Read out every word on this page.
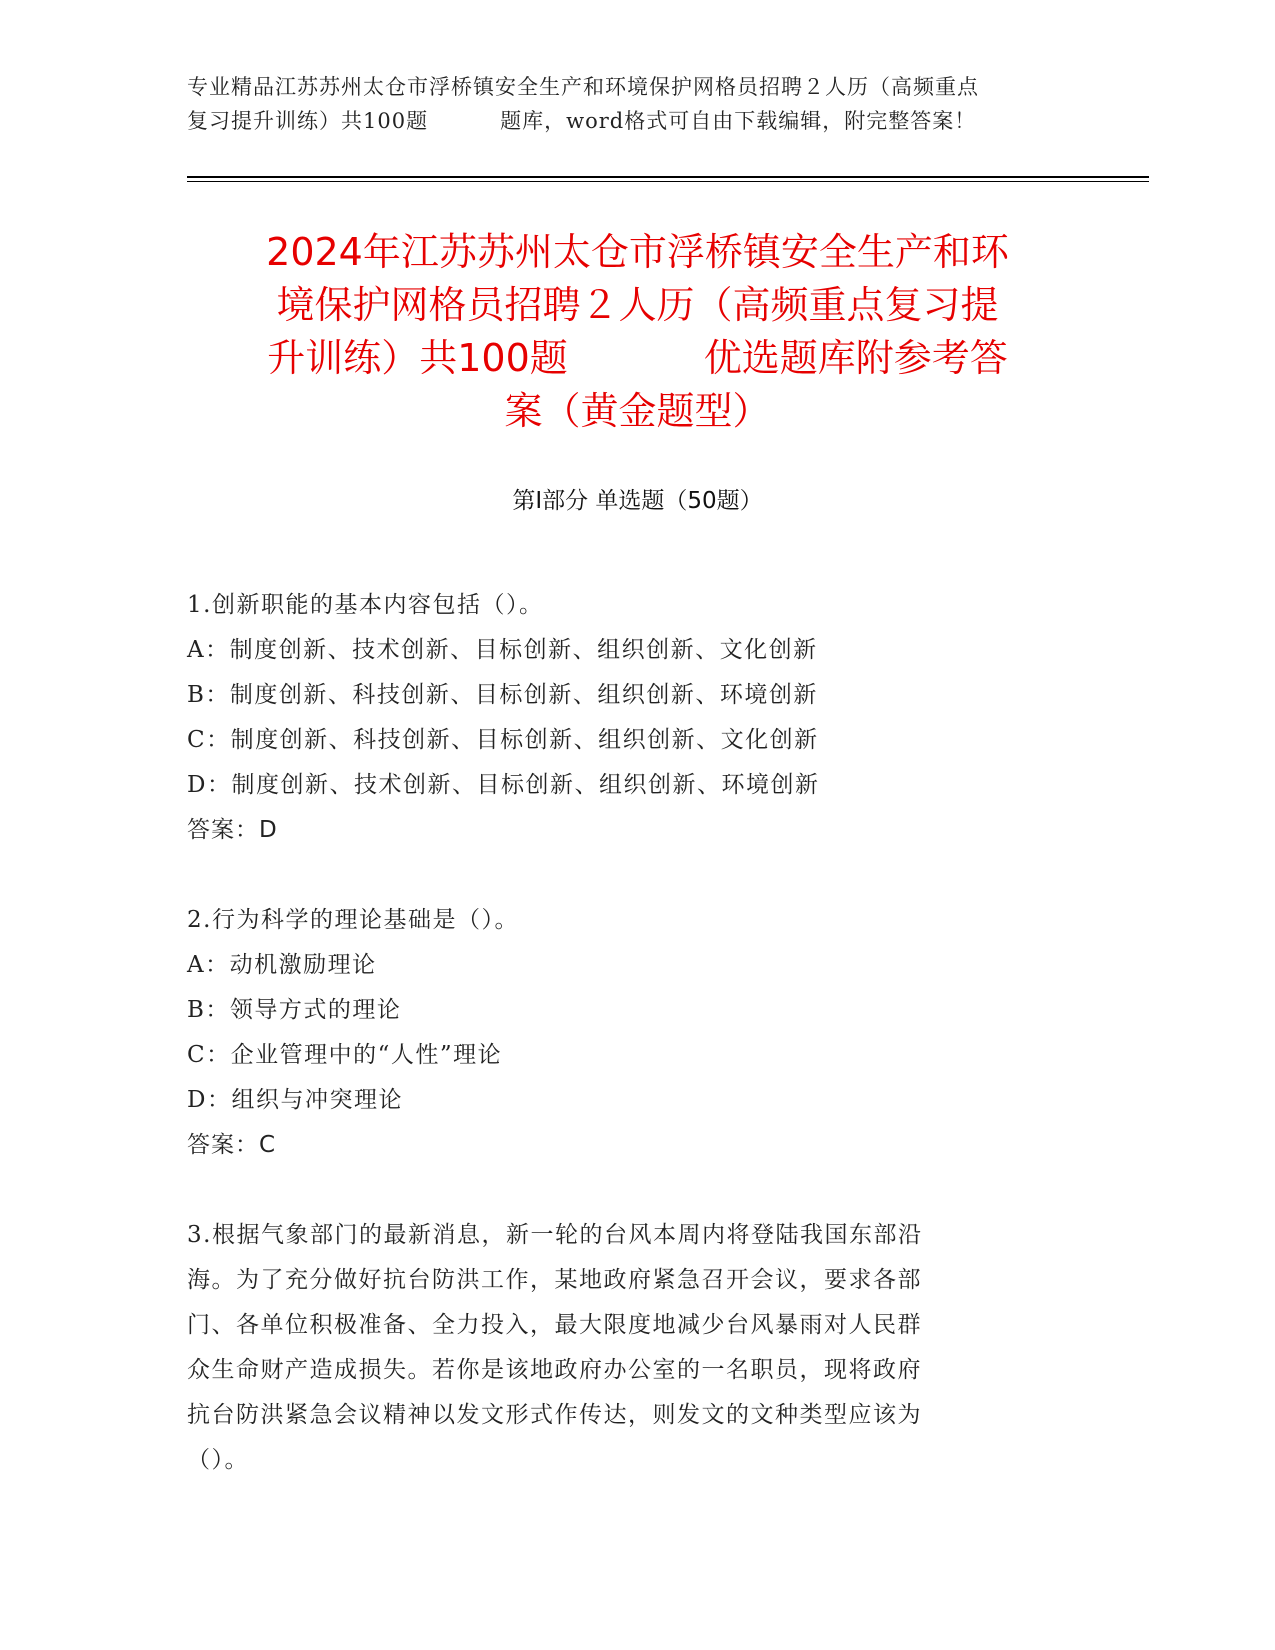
专业精品江苏苏州太仓市浮桥镇安全生产和环境保护网格员招聘２人历（高频重点
复习提升训练）共100题	题库，word格式可自由下载编辑，附完整答案！
2024年江苏苏州太仓市浮桥镇安全生产和环
境保护网格员招聘２人历（高频重点复习提
升训练）共100题	优选题库附参考答
案（黄金题型）
第Ⅰ部分 单选题（50题）
1.创新职能的基本内容包括（）。
A：制度创新、技术创新、目标创新、组织创新、文化创新
B：制度创新、科技创新、目标创新、组织创新、环境创新
C：制度创新、科技创新、目标创新、组织创新、文化创新
D：制度创新、技术创新、目标创新、组织创新、环境创新
答案：D
2.行为科学的理论基础是（）。
A：动机激励理论
B：领导方式的理论
C：企业管理中的“人性”理论
D：组织与冲突理论
答案：C
3.根据气象部门的最新消息，新一轮的台风本周内将登陆我国东部沿
海。为了充分做好抗台防洪工作，某地政府紧急召开会议，要求各部
门、各单位积极准备、全力投入，最大限度地减少台风暴雨对人民群
众生命财产造成损失。若你是该地政府办公室的一名职员，现将政府
抗台防洪紧急会议精神以发文形式作传达，则发文的文种类型应该为
（）。
